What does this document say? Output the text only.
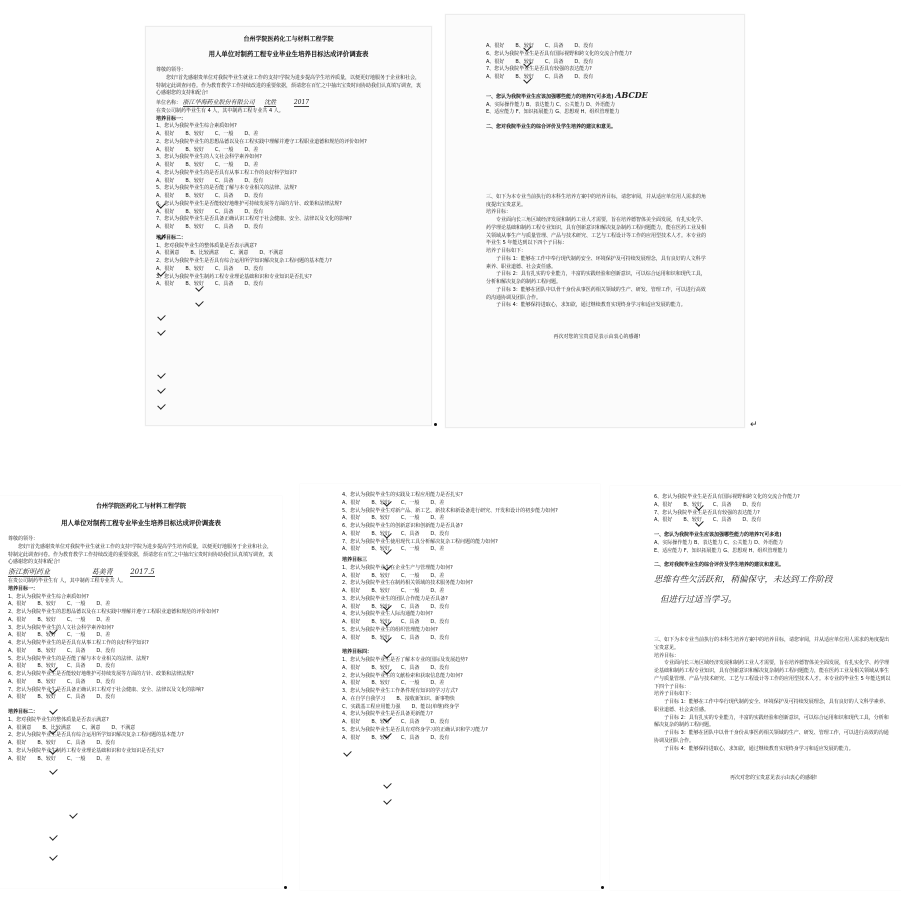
台州学院医药化工与材料工程学院
用人单位对制药工程专业毕业生培养目标达成评价调查表
尊敬的领导：
您好!首先感谢贵单位对我院毕业生就业工作的支持!学院为进步提高学生培养质量，以便更好地服务于企业和社会，特制定此调查问卷。作为教育教学工作持续改进的重要依据，烦请您在百忙之中抽出宝贵时间协助我们认真填写调查，衷心感谢您的支持和配合!
单位名称： 浙江华海药业股份有限公司 沈胜	2017
在贵公司制药毕业生有 4 人，其中制药工程专业共 4 人。
培养目标一：
1、您认为我院毕业生综合素质如何?
A、很好 B、较好 C、一般 D、差
2、您认为我院毕业生的思想品德以及在工程实践中理解并遵守工程职业道德和规范的评价如何?
A、很好 B、较好 C、一般 D、差
3、您认为我院毕业生的人文社会科学素养如何?
A、很好 B、较好 C、一般 D、差
4、您认为我院毕业生的是否具有从事工程工作的良好科学知识?
A、很好 B、较好 C、具备 D、没有
5、您认为我院毕业生的是否能了解与本专业相关的法律、法规?
A、很好 B、较好 C、具备 D、没有
6、您认为我院毕业生是否能较好地维护可持续发展等方面的方针、政策和法律法规?
A、很好 B、较好 C、具备 D、没有
7、您认为我院毕业生是否具备正确认识工程对于社会健康、安全、法律以及文化的影响?
A、很好 B、较好 C、具备 D、没有
培养目标二：
1、您对我院毕业生的整体质量是否表示满意?
A、很满意 B、比较满意 C、满意 D、不满意
2、您认为我院毕业生是否具有综合运用所学知识解决复杂工程问题的基本能力?
A、很好 B、较好 C、具备 D、没有
3、您认为我院毕业生制药工程专业理论基础和识和专业知识是否扎实?
A、很好 B、较好 C、具备 D、没有
A、很好 B、较好 C、具备 D、没有
6、您认为我院毕业生是否具有国际视野和跨文化的交流合作能力?
A、很好 B、较好 C、具备 D、没有
7、您认为我院毕业生是否具有较强的表达能力?
A、很好 B、较好 C、具备 D、没有
一、您认为我院毕业生应该加强哪些能力的培养?(可多选) ABCDE
A、实际操作能力 B、表达能力 C、公关能力 D、外语能力
E、适应能力 F、知识拓展能力 G、思想观 H、组织管理能力
二、您对我院毕业生的综合评价及学生培养的建议和意见。
三、如下为本专业当前执行的本科生培养方案中的培养目标，请您审阅，并从适应单位用人需求的角度提出宝贵意见。
培养目标：
专业面向长三角区域经济发展和制药工业人才需要，旨在培养德智体美全面发展，有扎实化学、药学理论基础和制药工程专业知识，具有创新意识和解决复杂制药工程问题能力，能在医药工业及相关领域从事生产与质量管理、产品与技术研究、工艺与工程设计等工作的应用型技术人才。本专业的毕业生 5 年能达到以下四个子目标：
培养子目标如下：
子目标 1：能够在工作中奉行现代制药安全、环境保护及可持续发展理念，具有良好的人文科学素养、职业道德、社会责任感。
子目标 2：具有扎实的专业能力，丰富的实践经验和创新意识，可以综合运用和识和现代工具，分析和解决复杂的制药工程问题。
子目标 3：能够在团队中以骨干身份从事医药相关领域的生产、研发、管理工作，可以进行高效的沟通协调及团队合作。
子目标 4：能够保持进取心，求知欲，通过继续教育实现终身学习和适应发展的能力。
再次对您的宝贵意见表示由衷心的感谢!
↵
台州学院医药化工与材料工程学院
用人单位对制药工程专业毕业生培养目标达成评价调查表
尊敬的领导：
您好!首先感谢贵单位对我院毕业生就业工作的支持!学院为进步提高学生培养质量，以便更好地服务于企业和社会，特制定此调查问卷。作为教育教学工作持续改进的重要依据，烦请您在百忙之中抽出宝贵时间协助我们认真填写调查，衷心感谢您的支持和配合!
浙江新明药业	葛美青	2017.5
在贵公司制药毕业生有 人，其中制药工程专业共 人。
培养目标一：
1、您认为我院毕业生综合素质如何?
A、很好 B、较好 C、一般 D、差
2、您认为我院毕业生的思想品德以及在工程实践中理解并遵守工程职业道德和规范的评价如何?
A、很好 B、较好 C、一般 D、差
3、您认为我院毕业生的人文社会科学素养如何?
A、很好 B、较好 C、一般 D、差
4、您认为我院毕业生的是否具有从事工程工作的良好科学知识?
A、很好 B、较好 C、具备 D、没有
5、您认为我院毕业生的是否能了解与本专业相关的法律、法规?
A、很好 B、较好 C、具备 D、没有
6、您认为我院毕业生是否能较好地维护可持续发展等方面的方针、政策和法律法规?
A、很好 B、较好 C、具备 D、没有
7、您认为我院毕业生是否具备正确认识工程对于社会健康、安全、法律以及文化的影响?
A、很好 B、较好 C、具备 D、没有
培养目标二：
1、您对我院毕业生的整体质量是否表示满意?
A、很满意 B、比较满意 C、满意 D、不满意
2、您认为我院毕业生是否具有综合运用所学知识解决复杂工程问题的基本能力?
A、很好 B、较好 C、具备 D、没有
3、您认为我院毕业生制药工程专业理论基础和识和专业知识是否扎实?
A、很好 B、较好 C、一般 D、差
4、您认为我院毕业生的实践及工程应用能力是否扎实?
A、很好 B、较好 C、一般 D、差
5、您认为我院毕业生对新产品、新工艺、新技术和新设备进行研究、开发和设计的初步能力如何?
A、很好 B、较好 C、一般 D、差
6、您认为我院毕业生的创新意识和创新能力是否具备?
A、很好 B、较好 C、具备 D、没有
7、您认为我院毕业生使用现代工具分析解决复杂工程问题的能力如何?
A、很好 B、较好 C、一般 D、差
培养目标三
1、您认为我院毕业生在企业生产与管理能力如何?
A、很好 B、较好 C、一般 D、差
2、您认为我院毕业生在制药相关领域的技术服务能力如何?
A、很好 B、较好 C、一般 D、差
3、您认为我院毕业生的团队合作能力是否具备?
A、很好 B、较好 C、具备 D、没有
4、您认为我院毕业生人际沟通能力如何?
A、很好 B、较好 C、具备 D、没有
5、您认为我院毕业生的组织管理能力如何?
A、很好 B、较好 C、具备 D、没有
培养目标四：
1、您认为我院毕业生是否了解本专业的国际及发展趋势?
A、很好 B、较好 C、具备 D、没有
2、您认为我院毕业生的文献检索和获取信息能力如何?
A、很好 B、较好 C、一般 D、差
3、您认为我院毕业生工作条件现有知识的学习方式?
A、在自学自我学习 B、接收新知识、新事物快
C、实践基工程应用能力强 D、能以(单继)终身学
4、您认为我院毕业生是否具备更新能力?
A、很好 B、较好 C、具备 D、没有
5、您认为我院毕业生是否具有对终身学习的正确认识和学习能力?
A、很好 B、较好 C、具备 D、没有
6、您认为我院毕业生是否具有国际视野和跨文化的交流合作能力?
A、很好 B、较好 C、具备 D、没有
7、您认为我院毕业生是否具有较强的表达能力?
A、很好 B、较好 C、具备 D、没有
一、您认为我院毕业生应该加强哪些能力的培养?(可多选)
A、实际操作能力 B、表达能力 C、公关能力 D、外语能力
E、适应能力 F、知识拓展能力 G、思想观 H、组织管理能力
二、您对我院毕业生的综合评价及学生培养的建议和意见。
思维有些欠活跃和，稍偏保守，未达到工作阶段
但进行过适当学习。
三、如下为本专业当前执行的本科生培养方案中的培养目标，请您审阅，并从适应单位用人需求的角度提出宝贵意见。
培养目标：
专业面向长三角区域经济发展和制药工业人才需要，旨在培养德智体美全面发展，有扎实化学、药学理论基础和制药工程专业知识，具有创新意识和解决复杂制药工程问题能力，能在医药工业及相关领域从事生产与质量管理、产品与技术研究、工艺与工程设计等工作的应用型技术人才。本专业的毕业生 5 年能达到以下四个子目标：
培养子目标如下：
子目标 1：能够在工作中奉行现代制药安全、环境保护及可持续发展理念，具有良好的人文科学素养、职业道德、社会责任感。
子目标 2：具有扎实的专业能力，丰富的实践经验和创新意识，可以综合运用和识和现代工具，分析和解决复杂的制药工程问题。
子目标 3：能够在团队中以骨干身份从事医药相关领域的生产、研发、管理工作，可以进行高效的沟通协调及团队合作。
子目标 4：能够保持进取心，求知欲，通过继续教育实现终身学习和适应发展的能力。
再次对您的宝贵意见表示由衷心的感谢!
